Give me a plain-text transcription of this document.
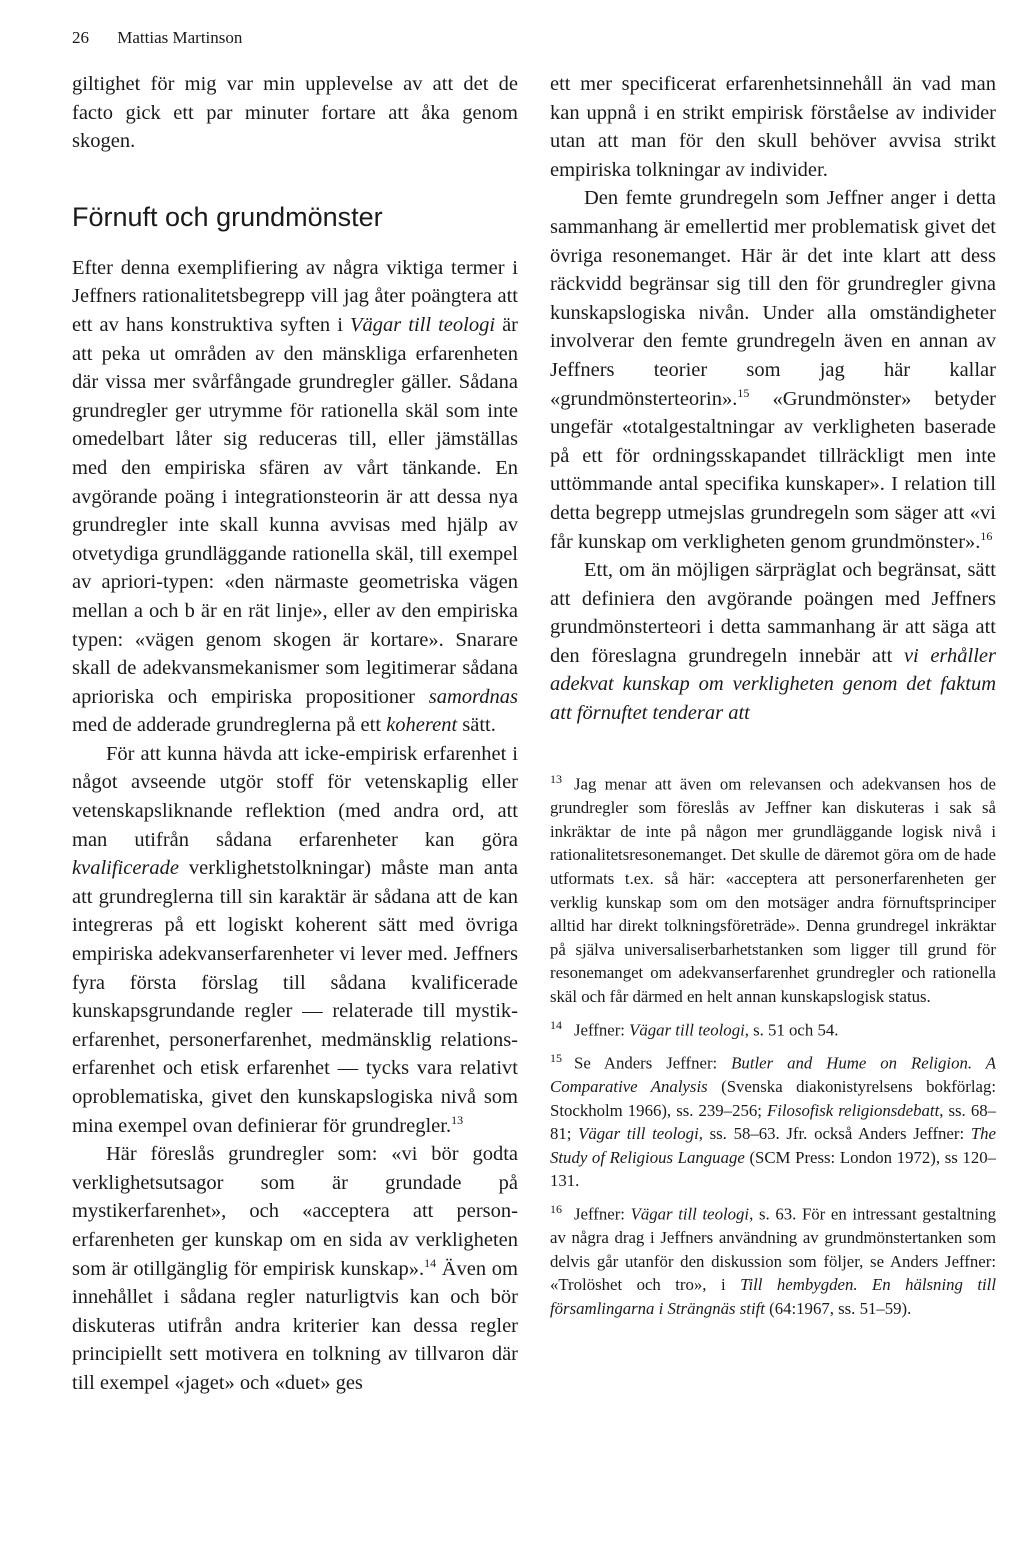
26 Mattias Martinson

giltighet för mig var min upplevelse av att det de facto gick ett par minuter fortare att åka genom skogen.

Förnuft och grundmönster

Efter denna exemplifiering av några viktiga termer i Jeffners rationalitetsbegrepp vill jag åter poängtera att ett av hans konstruktiva syften i Vägar till teologi är att peka ut områden av den mänskliga erfarenheten där vissa mer svårfångade grundregler gäller. Sådana grundregler ger utrymme för rationella skäl som inte omedelbart låter sig reduceras till, eller jämställas med den empiriska sfären av vårt tänkande. En avgörande poäng i integrationsteorin är att dessa nya grundregler inte skall kunna avvisas med hjälp av otvetydiga grundläggande rationella skäl, till exempel av apriori-typen: «den närmaste geometriska vägen mellan a och b är en rät linje», eller av den empiriska typen: «vägen genom skogen är kortare». Snarare skall de adekvansmekanismer som legitimerar sådana aprioriska och empiriska propositioner samordnas med de adderade grundreglerna på ett koherent sätt.

För att kunna hävda att icke-empirisk erfarenhet i något avseende utgör stoff för vetenskaplig eller vetenskapsliknande reflektion (med andra ord, att man utifrån sådana erfarenheter kan göra kvalificerade verklighetstolkningar) måste man anta att grundreglerna till sin karaktär är sådana att de kan integreras på ett logiskt koherent sätt med övriga empiriska adekvanserfarenheter vi lever med. Jeffners fyra första förslag till sådana kvalificerade kunskapsgrundande regler — relaterade till mystik-erfarenhet, personerfarenhet, medmänsklig relations-erfarenhet och etisk erfarenhet — tycks vara relativt oproblematiska, givet den kunskapslogiska nivå som mina exempel ovan definierar för grundregler.$^{13}$

Här föreslås grundregler som: «vi bör godta verklighetsutsagor som är grundade på mystikerfarenhet», och «acceptera att person-erfarenheten ger kunskap om en sida av verkligheten som är otillgänglig för empirisk kunskap».$^{14}$ Även om innehållet i sådana regler naturligtvis kan och bör diskuteras utifrån andra kriterier kan dessa regler principiellt sett motivera en tolkning av tillvaron där till exempel «jaget» och «duet» ges

ett mer specificerat erfarenhetsinnehåll än vad man kan uppnå i en strikt empirisk förståelse av individer utan att man för den skull behöver avvisa strikt empiriska tolkningar av individer.

Den femte grundregeln som Jeffner anger i detta sammanhang är emellertid mer problematisk givet det övriga resonemanget. Här är det inte klart att dess räckvidd begränsar sig till den för grundregler givna kunskapslogiska nivån. Under alla omständigheter involverar den femte grundregeln även en annan av Jeffners teorier som jag här kallar «grundmönsterteorin».$^{15}$ «Grundmönster» betyder ungefär «totalgestaltningar av verkligheten baserade på ett för ordningsskapandet tillräckligt men inte uttömmande antal specifika kunskaper». I relation till detta begrepp utmejslas grundregeln som säger att «vi får kunskap om verkligheten genom grundmönster».$^{16}$

Ett, om än möjligen särpräglat och begränsat, sätt att definiera den avgörande poängen med Jeffners grundmönsterteori i detta sammanhang är att säga att den föreslagna grundregeln innebär att vi erhåller adekvat kunskap om verkligheten genom det faktum att förnuftet tenderar att

$^{13}$ Jag menar att även om relevansen och adekvansen hos de grundregler som föreslås av Jeffner kan diskuteras i sak så inkräktar de inte på någon mer grundläggande logisk nivå i rationalitetsresonemanget. Det skulle de däremot göra om de hade utformats t.ex. så här: «acceptera att personerfarenheten ger verklig kunskap som om den motsäger andra förnuftsprinciper alltid har direkt tolkningsföreträde». Denna grundregel inkräktar på själva universaliserbarhetstanken som ligger till grund för resonemanget om adekvanserfarenhet grundregler och rationella skäl och får därmed en helt annan kunskapslogisk status.

$^{14}$ Jeffner: Vägar till teologi, s. 51 och 54.

$^{15}$ Se Anders Jeffner: Butler and Hume on Religion. A Comparative Analysis (Svenska diakonistyrelsens bokförlag: Stockholm 1966), ss. 239–256; Filosofisk religionsdebatt, ss. 68–81; Vägar till teologi, ss. 58–63. Jfr. också Anders Jeffner: The Study of Religious Language (SCM Press: London 1972), ss 120–131.

$^{16}$ Jeffner: Vägar till teologi, s. 63. För en intressant gestaltning av några drag i Jeffners användning av grundmönstertanken som delvis går utanför den diskussion som följer, se Anders Jeffner: «Trolöshet och tro», i Till hembygden. En hälsning till församlingarna i Strängnäs stift (64:1967, ss. 51–59).
